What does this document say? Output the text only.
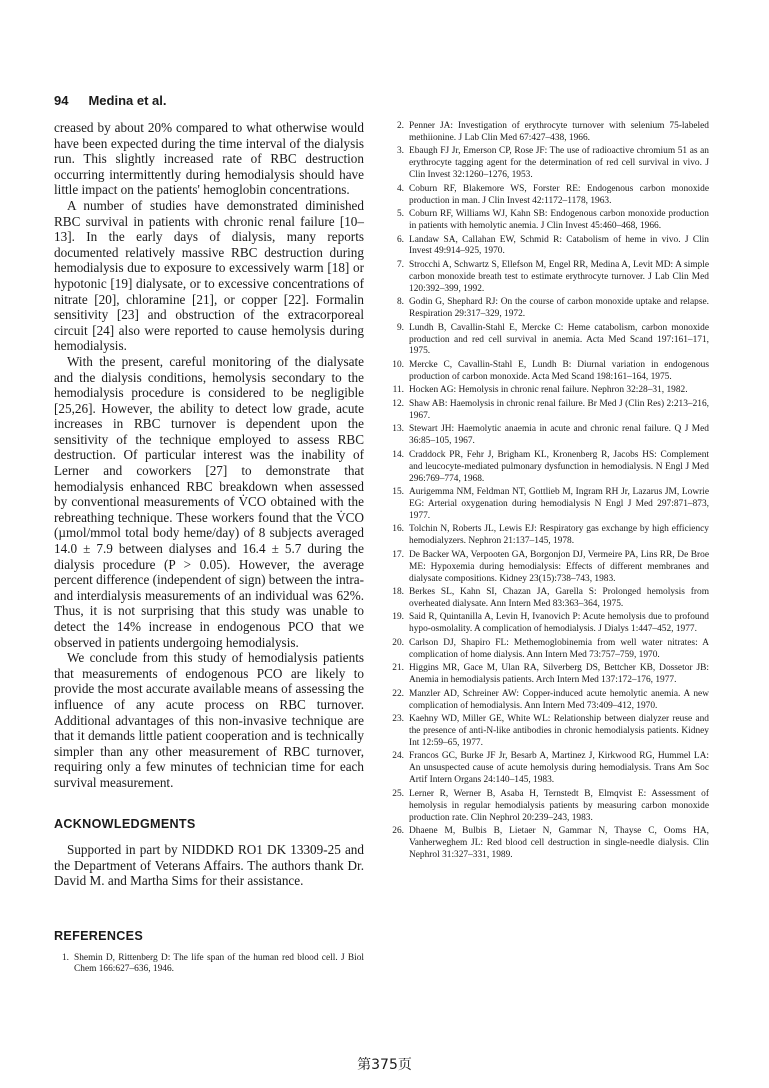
94 Medina et al.

creased by about 20% compared to what otherwise would have been expected during the time interval of the dialysis run. This slightly increased rate of RBC destruction occurring intermittently during hemodialysis should have little impact on the patients' hemoglobin concentrations.

A number of studies have demonstrated diminished RBC survival in patients with chronic renal failure [10–13]. In the early days of dialysis, many reports documented relatively massive RBC destruction during hemodialysis due to exposure to excessively warm [18] or hypotonic [19] dialysate, or to excessive concentrations of nitrate [20], chloramine [21], or copper [22]. Formalin sensitivity [23] and obstruction of the extracorporeal circuit [24] also were reported to cause hemolysis during hemodialysis.

With the present, careful monitoring of the dialysate and the dialysis conditions, hemolysis secondary to the hemodialysis procedure is considered to be negligible [25,26]. However, the ability to detect low grade, acute increases in RBC turnover is dependent upon the sensitivity of the technique employed to assess RBC destruction. Of particular interest was the inability of Lerner and coworkers [27] to demonstrate that hemodialysis enhanced RBC breakdown when assessed by conventional measurements of V̇CO obtained with the rebreathing technique. These workers found that the V̇CO (µmol/mmol total body heme/day) of 8 subjects averaged 14.0 ± 7.9 between dialyses and 16.4 ± 5.7 during the dialysis procedure (P > 0.05). However, the average percent difference (independent of sign) between the intra- and interdialysis measurements of an individual was 62%. Thus, it is not surprising that this study was unable to detect the 14% increase in endogenous PCO that we observed in patients undergoing hemodialysis.

We conclude from this study of hemodialysis patients that measurements of endogenous PCO are likely to provide the most accurate available means of assessing the influence of any acute process on RBC turnover. Additional advantages of this non-invasive technique are that it demands little patient cooperation and is technically simpler than any other measurement of RBC turnover, requiring only a few minutes of technician time for each survival measurement.

ACKNOWLEDGMENTS

Supported in part by NIDDKD RO1 DK 13309-25 and the Department of Veterans Affairs. The authors thank Dr. David M. and Martha Sims for their assistance.

REFERENCES

1. Shemin D, Rittenberg D: The life span of the human red blood cell. J Biol Chem 166:627–636, 1946.
2. Penner JA: Investigation of erythrocyte turnover with selenium 75-labeled methiionine. J Lab Clin Med 67:427–438, 1966.
3. Ebaugh FJ Jr, Emerson CP, Rose JF: The use of radioactive chromium 51 as an erythrocyte tagging agent for the determination of red cell survival in vivo. J Clin Invest 32:1260–1276, 1953.
4. Coburn RF, Blakemore WS, Forster RE: Endogenous carbon monoxide production in man. J Clin Invest 42:1172–1178, 1963.
5. Coburn RF, Williams WJ, Kahn SB: Endogenous carbon monoxide production in patients with hemolytic anemia. J Clin Invest 45:460–468, 1966.
6. Landaw SA, Callahan EW, Schmid R: Catabolism of heme in vivo. J Clin Invest 49:914–925, 1970.
7. Strocchi A, Schwartz S, Ellefson M, Engel RR, Medina A, Levit MD: A simple carbon monoxide breath test to estimate erythrocyte turnover. J Lab Clin Med 120:392–399, 1992.
8. Godin G, Shephard RJ: On the course of carbon monoxide uptake and relapse. Respiration 29:317–329, 1972.
9. Lundh B, Cavallin-Stahl E, Mercke C: Heme catabolism, carbon monoxide production and red cell survival in anemia. Acta Med Scand 197:161–171, 1975.
10. Mercke C, Cavallin-Stahl E, Lundh B: Diurnal variation in endogenous production of carbon monoxide. Acta Med Scand 198:161–164, 1975.
11. Hocken AG: Hemolysis in chronic renal failure. Nephron 32:28–31, 1982.
12. Shaw AB: Haemolysis in chronic renal failure. Br Med J (Clin Res) 2:213–216, 1967.
13. Stewart JH: Haemolytic anaemia in acute and chronic renal failure. Q J Med 36:85–105, 1967.
14. Craddock PR, Fehr J, Brigham KL, Kronenberg R, Jacobs HS: Complement and leucocyte-mediated pulmonary dysfunction in hemodialysis. N Engl J Med 296:769–774, 1968.
15. Aurigemma NM, Feldman NT, Gottlieb M, Ingram RH Jr, Lazarus JM, Lowrie EG: Arterial oxygenation during hemodialysis N Engl J Med 297:871–873, 1977.
16. Tolchin N, Roberts JL, Lewis EJ: Respiratory gas exchange by high efficiency hemodialyzers. Nephron 21:137–145, 1978.
17. De Backer WA, Verpooten GA, Borgonjon DJ, Vermeire PA, Lins RR, De Broe ME: Hypoxemia during hemodialysis: Effects of different membranes and dialysate compositions. Kidney 23(15):738–743, 1983.
18. Berkes SL, Kahn SI, Chazan JA, Garella S: Prolonged hemolysis from overheated dialysate. Ann Intern Med 83:363–364, 1975.
19. Said R, Quintanilla A, Levin H, Ivanovich P: Acute hemolysis due to profound hypo-osmolality. A complication of hemodialysis. J Dialys 1:447–452, 1977.
20. Carlson DJ, Shapiro FL: Methemoglobinemia from well water nitrates: A complication of home dialysis. Ann Intern Med 73:757–759, 1970.
21. Higgins MR, Gace M, Ulan RA, Silverberg DS, Bettcher KB, Dossetor JB: Anemia in hemodialysis patients. Arch Intern Med 137:172–176, 1977.
22. Manzler AD, Schreiner AW: Copper-induced acute hemolytic anemia. A new complication of hemodialysis. Ann Intern Med 73:409–412, 1970.
23. Kaehny WD, Miller GE, White WL: Relationship between dialyzer reuse and the presence of anti-N-like antibodies in chronic hemodialysis patients. Kidney Int 12:59–65, 1977.
24. Francos GC, Burke JF Jr, Besarb A, Martinez J, Kirkwood RG, Hummel LA: An unsuspected cause of acute hemolysis during hemodialysis. Trans Am Soc Artif Intern Organs 24:140–145, 1983.
25. Lerner R, Werner B, Asaba H, Ternstedt B, Elmqvist E: Assessment of hemolysis in regular hemodialysis patients by measuring carbon monoxide production rate. Clin Nephrol 20:239–243, 1983.
26. Dhaene M, Bulbis B, Lietaer N, Gammar N, Thayse C, Ooms HA, Vanherweghem JL: Red blood cell destruction in single-needle dialysis. Clin Nephrol 31:327–331, 1989.
第375页
